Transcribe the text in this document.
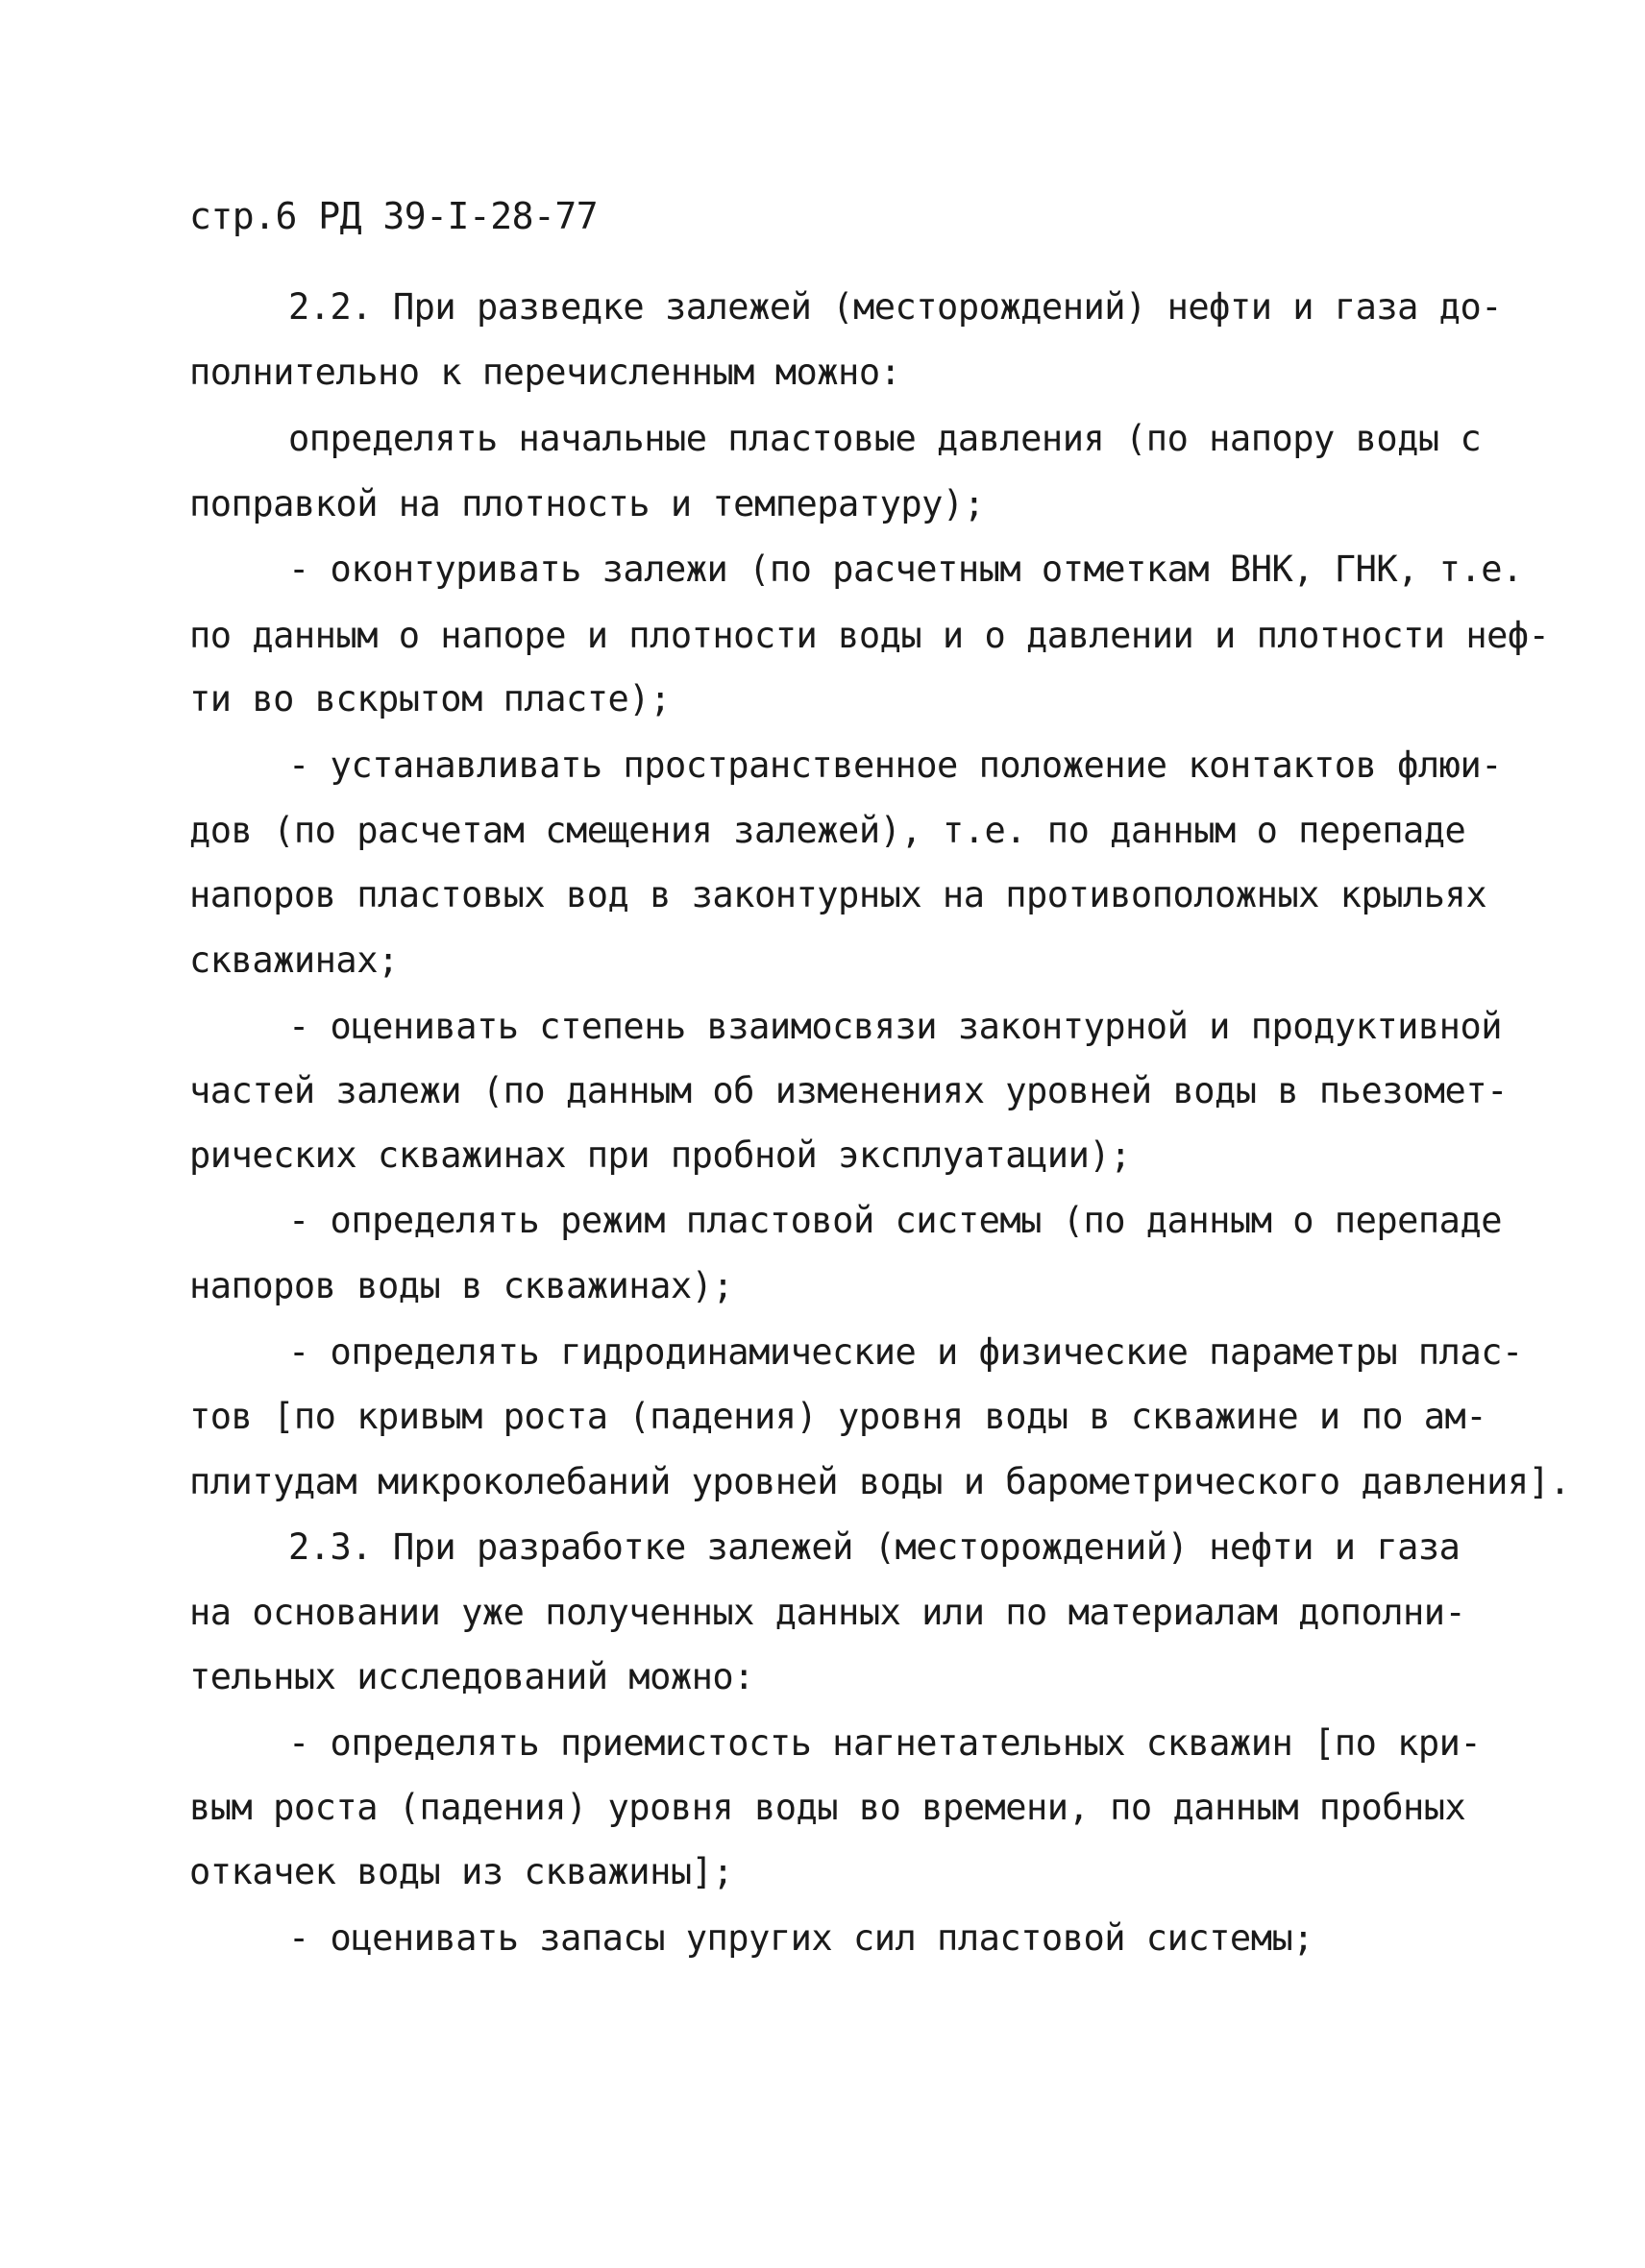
стр.6 РД 39-I-28-77
2.2. При разведке залежей (месторождений) нефти и газа до-
полнительно к перечисленным можно:
определять начальные пластовые давления (по напору воды с
поправкой на плотность и температуру);
- оконтуривать залежи (по расчетным отметкам ВНК, ГНК, т.е.
по данным о напоре и плотности воды и о давлении и плотности неф-
ти во вскрытом пласте);
- устанавливать пространственное положение контактов флюи-
дов (по расчетам смещения залежей), т.е. по данным о перепаде
напоров пластовых вод в законтурных на противоположных крыльях
скважинах;
- оценивать степень взаимосвязи законтурной и продуктивной
частей залежи (по данным об изменениях уровней воды в пьезомет-
рических скважинах при пробной эксплуатации);
- определять режим пластовой системы (по данным о перепаде
напоров воды в скважинах);
- определять гидродинамические и физические параметры плас-
тов [по кривым роста (падения) уровня воды в скважине и по ам-
плитудам микроколебаний уровней воды и барометрического давления].
2.3. При разработке залежей (месторождений) нефти и газа
на основании уже полученных данных или по материалам дополни-
тельных исследований можно:
- определять приемистость нагнетательных скважин [по кри-
вым роста (падения) уровня воды во времени, по данным пробных
откачек воды из скважины];
- оценивать запасы упругих сил пластовой системы;
